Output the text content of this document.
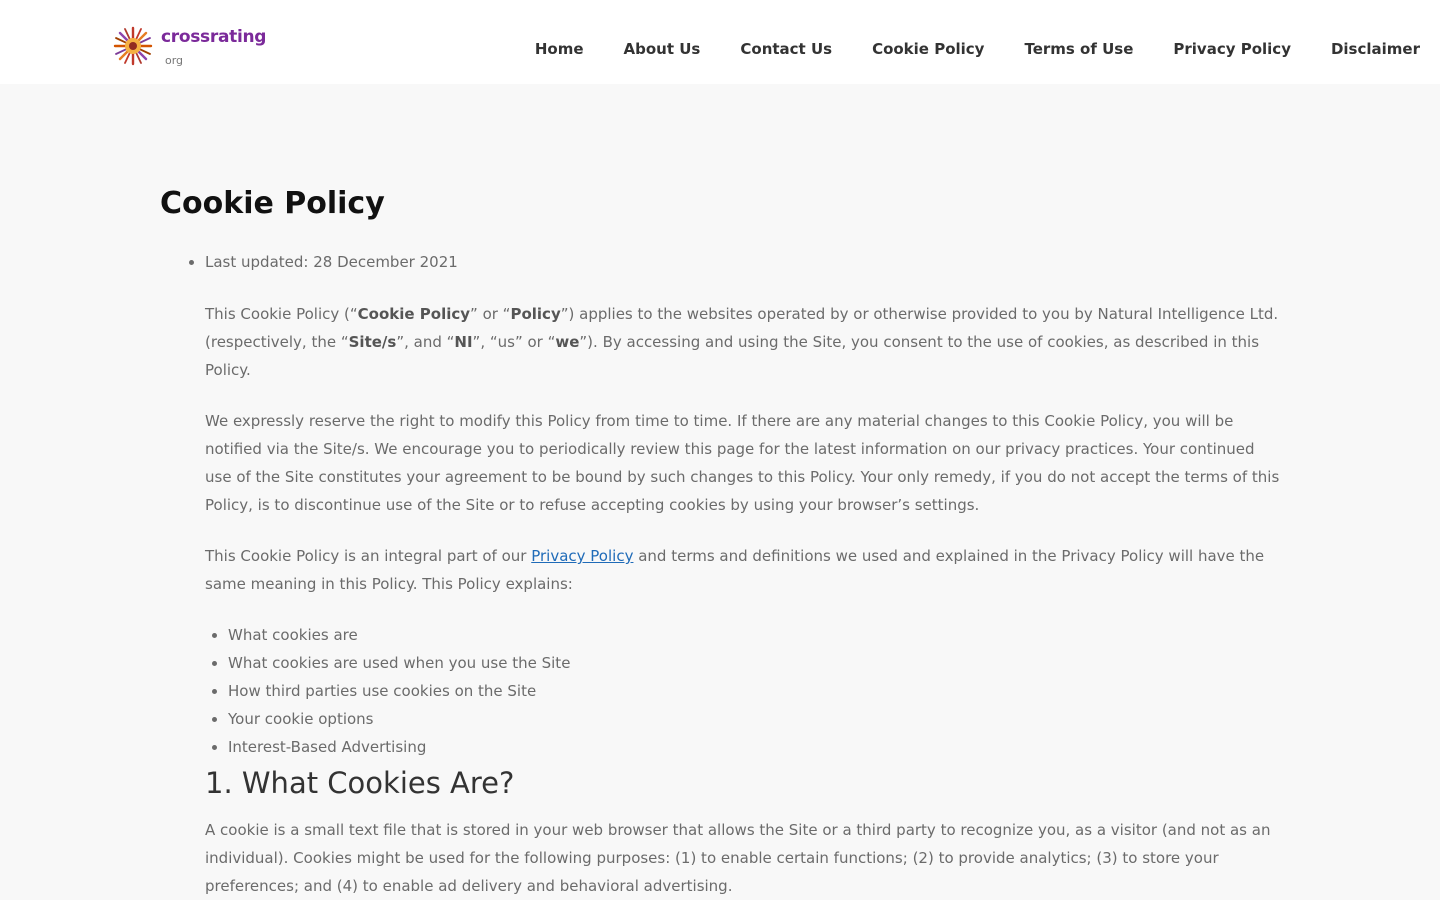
crossrating
org
Home	About Us	Contact Us	Cookie Policy	Terms of Use	Privacy Policy	Disclaimer
Cookie Policy
• Last updated: 28 December 2021

This Cookie Policy (“Cookie Policy” or “Policy”) applies to the websites operated by or otherwise provided to you by Natural Intelligence Ltd. (respectively, the “Site/s”, and “NI”, “us” or “we”). By accessing and using the Site, you consent to the use of cookies, as described in this Policy.

We expressly reserve the right to modify this Policy from time to time. If there are any material changes to this Cookie Policy, you will be notified via the Site/s. We encourage you to periodically review this page for the latest information on our privacy practices. Your continued use of the Site constitutes your agreement to be bound by such changes to this Policy. Your only remedy, if you do not accept the terms of this Policy, is to discontinue use of the Site or to refuse accepting cookies by using your browser’s settings.

This Cookie Policy is an integral part of our Privacy Policy and terms and definitions we used and explained in the Privacy Policy will have the same meaning in this Policy. This Policy explains:

• What cookies are
• What cookies are used when you use the Site
• How third parties use cookies on the Site
• Your cookie options
• Interest-Based Advertising
1. What Cookies Are?

A cookie is a small text file that is stored in your web browser that allows the Site or a third party to recognize you, as a visitor (and not as an individual). Cookies might be used for the following purposes: (1) to enable certain functions; (2) to provide analytics; (3) to store your preferences; and (4) to enable ad delivery and behavioral advertising.
